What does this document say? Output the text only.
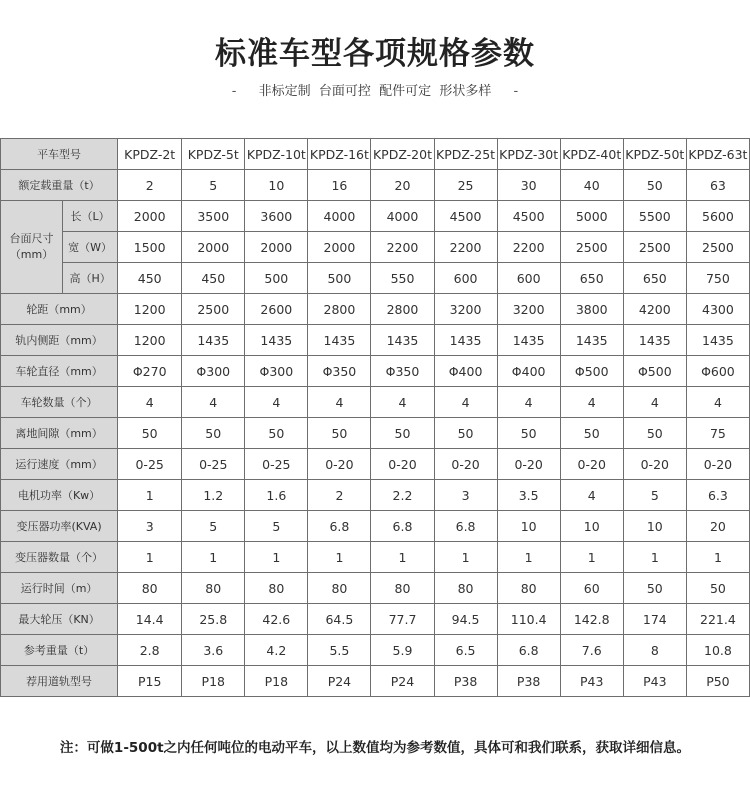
标准车型各项规格参数
- 非标定制  台面可控  配件可定  形状多样 -
平车型号		KPDZ-2t	KPDZ-5t	KPDZ-10t	KPDZ-16t	KPDZ-20t	KPDZ-25t	KPDZ-30t	KPDZ-40t	KPDZ-50t	KPDZ-63t
额定载重量（t）		2	5	10	16	20	25	30	40	50	63
台面尺寸（mm）	长（L）	2000	3500	3600	4000	4000	4500	4500	5000	5500	5600
	宽（W）	1500	2000	2000	2000	2200	2200	2200	2500	2500	2500
	高（H）	450	450	500	500	550	600	600	650	650	750
轮距（mm）		1200	2500	2600	2800	2800	3200	3200	3800	4200	4300
轨内侧距（mm）		1200	1435	1435	1435	1435	1435	1435	1435	1435	1435
车轮直径（mm）		Φ270	Φ300	Φ300	Φ350	Φ350	Φ400	Φ400	Φ500	Φ500	Φ600
车轮数量（个）		4	4	4	4	4	4	4	4	4	4
离地间隙（mm）		50	50	50	50	50	50	50	50	50	75
运行速度（mm）		0-25	0-25	0-25	0-20	0-20	0-20	0-20	0-20	0-20	0-20
电机功率（Kw）		1	1.2	1.6	2	2.2	3	3.5	4	5	6.3
变压器功率(KVA)		3	5	5	6.8	6.8	6.8	10	10	10	20
变压器数量（个）		1	1	1	1	1	1	1	1	1	1
运行时间（m）		80	80	80	80	80	80	80	60	50	50
最大轮压（KN）		14.4	25.8	42.6	64.5	77.7	94.5	110.4	142.8	174	221.4
参考重量（t）		2.8	3.6	4.2	5.5	5.9	6.5	6.8	7.6	8	10.8
荐用道轨型号		P15	P18	P18	P24	P24	P38	P38	P43	P43	P50
注：可做1-500t之内任何吨位的电动平车，以上数值均为参考数值，具体可和我们联系，获取详细信息。
